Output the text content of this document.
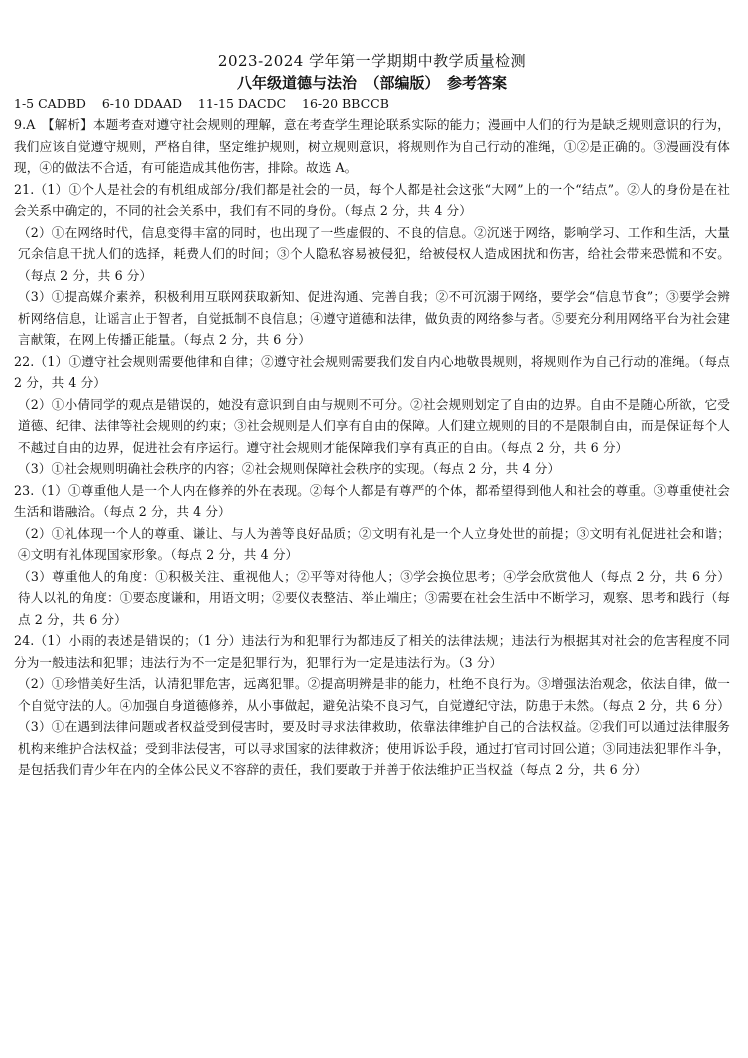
2023-2024 学年第一学期期中教学质量检测
八年级道德与法治　（部编版）　参考答案

1-5 CADBD    6-10 DDAAD    11-15 DACDC    16-20 BBCCB

9.A　【解析】本题考查对遵守社会规则的理解，意在考查学生理论联系实际的能力；漫画中人们的行为是缺乏规则意识的行为，我们应该自觉遵守规则，严格自律，坚定维护规则，树立规则意识，将规则作为自己行动的准绳，①②是正确的。③漫画没有体现，④的做法不合适，有可能造成其他伤害，排除。故选 A。

21.（1）①个人是社会的有机组成部分/我们都是社会的一员，每个人都是社会这张“大网”上的一个“结点”。②人的身份是在社会关系中确定的，不同的社会关系中，我们有不同的身份。（每点 2 分，共 4 分）

（2）①在网络时代，信息变得丰富的同时，也出现了一些虚假的、不良的信息。②沉迷于网络，影响学习、工作和生活，大量冗余信息干扰人们的选择，耗费人们的时间；③个人隐私容易被侵犯，给被侵权人造成困扰和伤害，给社会带来恐慌和不安。（每点 2 分，共 6 分）

（3）①提高媒介素养，积极利用互联网获取新知、促进沟通、完善自我；②不可沉溺于网络，要学会“信息节食”；③要学会辨析网络信息，让谣言止于智者，自觉抵制不良信息；④遵守道德和法律，做负责的网络参与者。⑤要充分利用网络平台为社会建言献策，在网上传播正能量。（每点 2 分，共 6 分）

22.（1）①遵守社会规则需要他律和自律；②遵守社会规则需要我们发自内心地敬畏规则，将规则作为自己行动的准绳。（每点 2 分，共 4 分）

（2）①小倩同学的观点是错误的，她没有意识到自由与规则不可分。②社会规则划定了自由的边界。自由不是随心所欲，它受道德、纪律、法律等社会规则的约束；③社会规则是人们享有自由的保障。人们建立规则的目的不是限制自由，而是保证每个人不越过自由的边界，促进社会有序运行。遵守社会规则才能保障我们享有真正的自由。（每点 2 分，共 6 分）

（3）①社会规则明确社会秩序的内容；②社会规则保障社会秩序的实现。（每点 2 分，共 4 分）

23.（1）①尊重他人是一个人内在修养的外在表现。②每个人都是有尊严的个体，都希望得到他人和社会的尊重。③尊重使社会生活和谐融洽。（每点 2 分，共 4 分）

（2）①礼体现一个人的尊重、谦让、与人为善等良好品质；②文明有礼是一个人立身处世的前提；③文明有礼促进社会和谐；④文明有礼体现国家形象。（每点 2 分，共 4 分）

（3）尊重他人的角度：①积极关注、重视他人；②平等对待他人；③学会换位思考；④学会欣赏他人（每点 2 分，共 6 分）待人以礼的角度：①要态度谦和，用语文明；②要仪表整洁、举止端庄；③需要在社会生活中不断学习，观察、思考和践行（每点 2 分，共 6 分）

24.（1）小雨的表述是错误的；（1 分）违法行为和犯罪行为都违反了相关的法律法规；违法行为根据其对社会的危害程度不同分为一般违法和犯罪；违法行为不一定是犯罪行为，犯罪行为一定是违法行为。（3 分）

（2）①珍惜美好生活，认清犯罪危害，远离犯罪。②提高明辨是非的能力，杜绝不良行为。③增强法治观念，依法自律，做一个自觉守法的人。④加强自身道德修养，从小事做起，避免沾染不良习气，自觉遵纪守法，防患于未然。（每点 2 分，共 6 分）

（3）①在遇到法律问题或者权益受到侵害时，要及时寻求法律救助，依靠法律维护自己的合法权益。②我们可以通过法律服务机构来维护合法权益；受到非法侵害，可以寻求国家的法律救济；使用诉讼手段，通过打官司讨回公道；③同违法犯罪作斗争，是包括我们青少年在内的全体公民义不容辞的责任，我们要敢于并善于依法维护正当权益（每点 2 分，共 6 分）
